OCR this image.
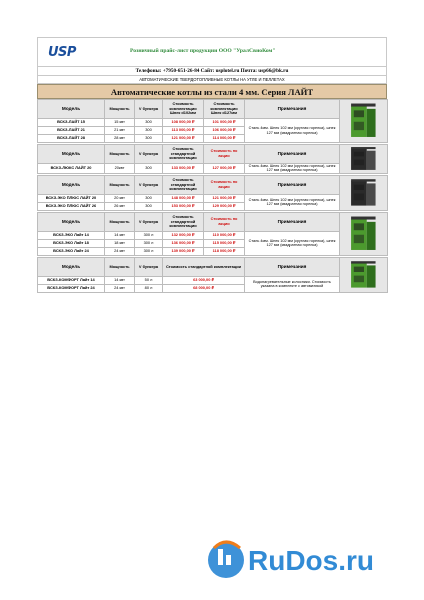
USP	Розничный прайс-лист продукции ООО "УралСвиоКом"
Телефоны: +7950-651-26-84 Сайт: usplotel.ru Почта: usp66@bk.ru
АВТОМАТИЧЕСКИЕ ТВЕРДОТОПЛИВНЫЕ КОТЛЫ НА УГЛЕ И ПЕЛЛЕТАХ
Автоматические котлы из стали 4 мм. Серия ЛАЙТ
Модель	Мощность	V бункера	Стоимость комплектации Шнек d102мм	Стоимость комплектации Шнек d127мм	Примечания	

ВСКЗ-ЛАЙТ 15	15 квт	300	108 000,00 ₽	101 000,00 ₽	Сталь 4мм. Шнек 102 мм (круглая горелка), шнек 127 мм (квадратная горелка)	
ВСКЗ-ЛАЙТ 21	21 квт	300	113 000,00 ₽	106 000,00 ₽		
ВСКЗ-ЛАЙТ 28	28 квт	300	121 000,00 ₽	114 000,00 ₽		

Модель	Мощность	V бункера	Стоимость стандартной комплектации	Стоимость по акции	Примечания	

ВСКЗ-ЛЮКС ЛАЙТ 20	20квт	300	133 000,00 ₽	127 000,00 ₽	Сталь 4мм. Шнек 102 мм (круглая горелка), шнек 127 мм (квадратная горелка)	

Модель	Мощность	V бункера	Стоимость стандартной комплектации	Стоимость по акции	Примечания	

ВСКЗ-ЭКО ПЛЮС ЛАЙТ 20	20 квт	300	148 000,00 ₽	121 000,00 ₽	Сталь 4мм. Шнек 102 мм (круглая горелка), шнек 127 мм (квадратная горелка)	
ВСКЗ-ЭКО ПЛЮС ЛАЙТ 26	26 квт	300	153 000,00 ₽	129 000,00 ₽		

Модель	Мощность	V бункера	Стоимость стандартной комплектации	Стоимость по акции	Примечания	

ВСКЗ-ЭКО Лайт 14	14 квт	300 л	132 000,00 ₽	110 000,00 ₽	Сталь 4мм. Шнек 102 мм (круглая горелка), шнек 127 мм (квадратная горелка)	
ВСКЗ-ЭКО Лайт 18	18 квт	300 л	136 000,00 ₽	115 000,00 ₽		
ВСКЗ-ЭКО Лайт 24	24 квт	300 л	139 000,00 ₽	118 000,00 ₽		

Модель	Мощность	V бункера	Стоимость стандартной комплектации		Примечания	

ВСКЗ-КОМФОРТ Лайт 14	14 квт	50 л	63 000,00 ₽		Водонагревательные колосники. Стоимость указана в комплекте с автоматикой	
ВСКЗ-КОМФОРТ Лайт 24	24 квт	80 л	68 000,00 ₽			
RuDos.ru
